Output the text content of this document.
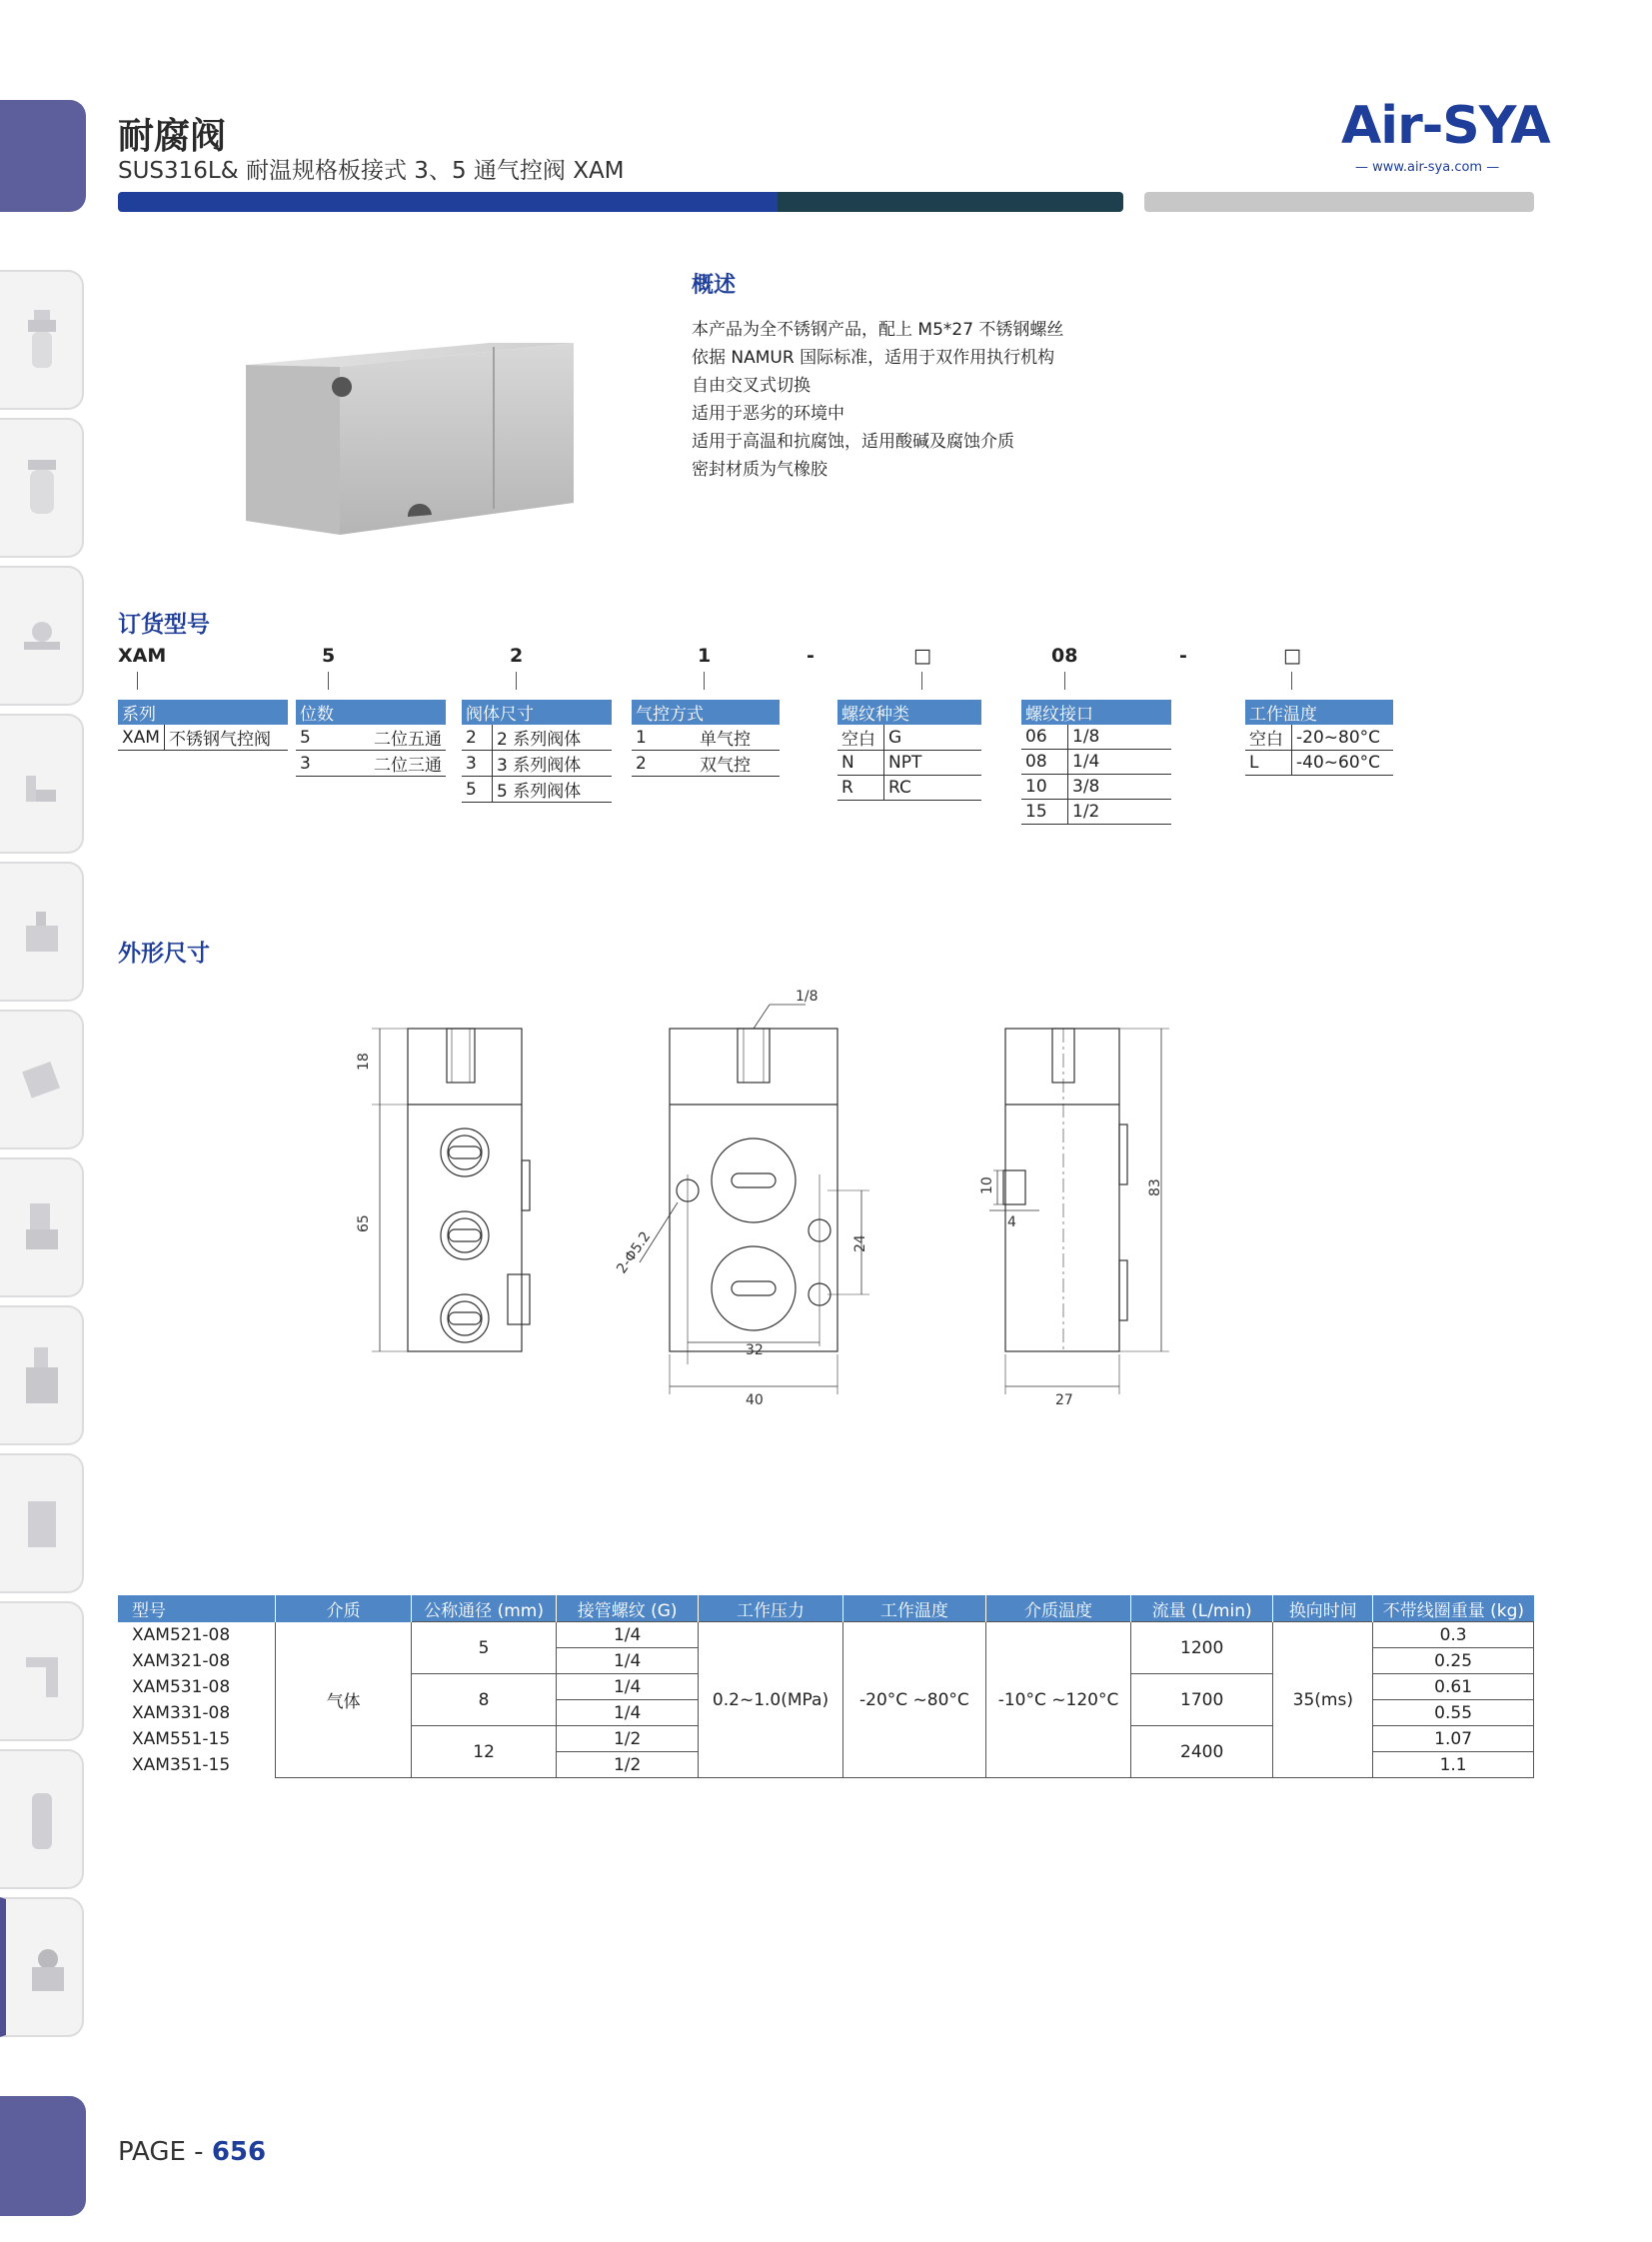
耐腐阀
SUS316L& 耐温规格板接式 3、5 通气控阀 XAM
Air-SYA
— www.air-sya.com —
概述
本产品为全不锈钢产品，配上 M5*27 不锈钢螺丝
依据 NAMUR 国际标准，适用于双作用执行机构
自由交叉式切换
适用于恶劣的环境中
适用于高温和抗腐蚀，适用酸碱及腐蚀介质
密封材质为气橡胶
订货型号
XAM	5	2	1	-	□	08	-	□
系列
XAM	不锈钢气控阀
位数	
5	二位五通
3	二位三通
阀体尺寸	
2	2 系列阀体
3	3 系列阀体
5	5 系列阀体
气控方式	
1	单气控
2	双气控
螺纹种类	
空白	G
N	NPT
R	RC
螺纹接口	
06	1/8
08	1/4
10	3/8
15	1/2
工作温度	
空白	-20~80°C
L	-40~60°C
外形尺寸
18
65
1/8
2-Φ5.2	24
32
40
10
4
83
27
型号	介质	公称通径 (mm)	接管螺纹 (G)	工作压力	工作温度	介质温度	流量 (L/min)	换向时间	不带线圈重量 (kg)
XAM521-08	气体	5	1/4	0.2~1.0(MPa)	-20°C ~80°C	-10°C ~120°C	1200	35(ms)	0.3
XAM321-08			1/4						0.25
XAM531-08		8	1/4				1700		0.61
XAM331-08			1/4						0.55
XAM551-15		12	1/2				2400		1.07
XAM351-15			1/2						1.1
PAGE - 656
